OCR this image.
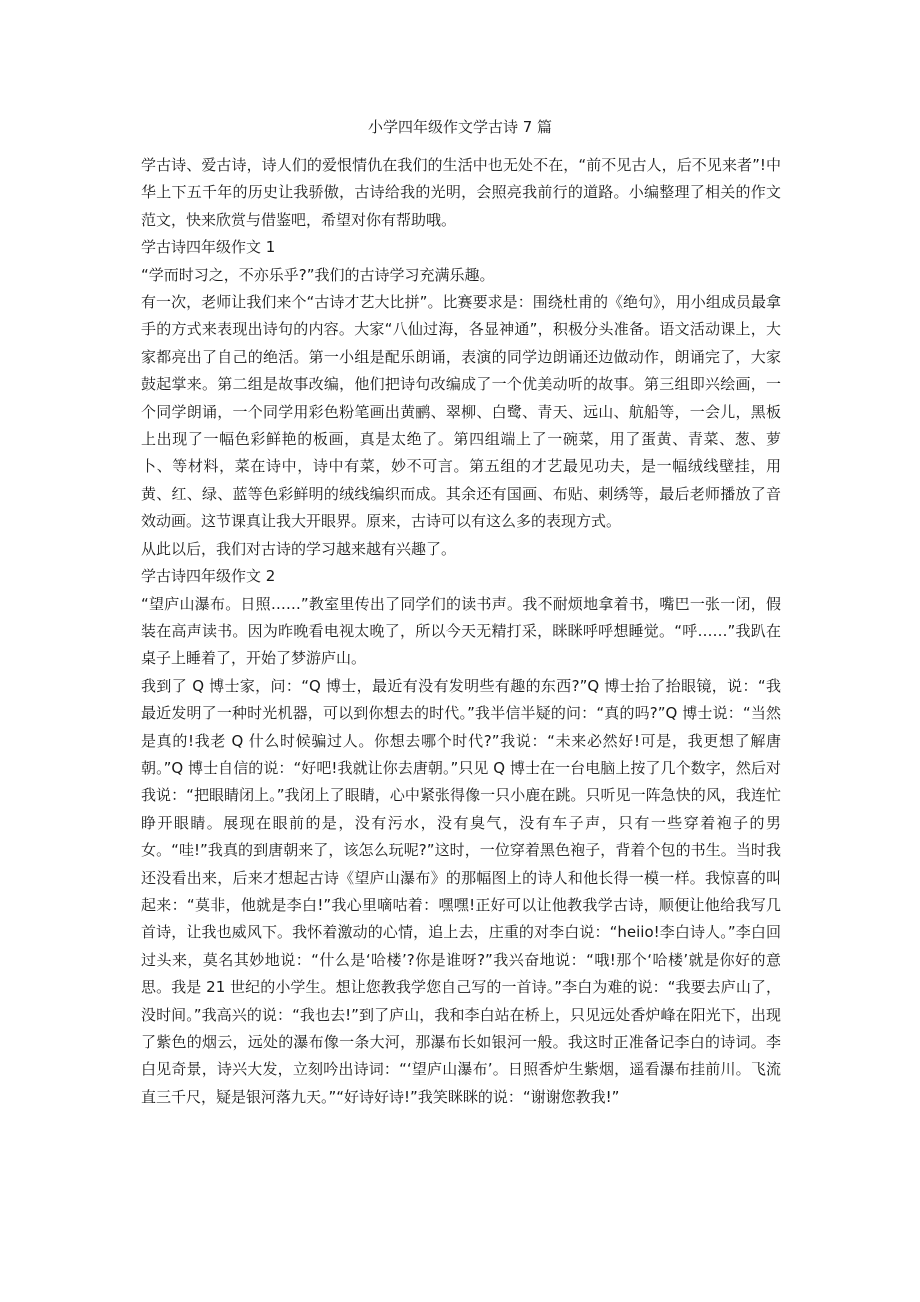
小学四年级作文学古诗 7 篇

学古诗、爱古诗，诗人们的爱恨情仇在我们的生活中也无处不在，“前不见古人，后不见来者”!中华上下五千年的历史让我骄傲，古诗给我的光明，会照亮我前行的道路。小编整理了相关的作文范文，快来欣赏与借鉴吧，希望对你有帮助哦。

学古诗四年级作文 1

“学而时习之，不亦乐乎?”我们的古诗学习充满乐趣。

有一次，老师让我们来个“古诗才艺大比拼”。比赛要求是：围绕杜甫的《绝句》，用小组成员最拿手的方式来表现出诗句的内容。大家“八仙过海，各显神通”，积极分头准备。语文活动课上，大家都亮出了自己的绝活。第一小组是配乐朗诵，表演的同学边朗诵还边做动作，朗诵完了，大家鼓起掌来。第二组是故事改编，他们把诗句改编成了一个优美动听的故事。第三组即兴绘画，一个同学朗诵，一个同学用彩色粉笔画出黄鹂、翠柳、白鹭、青天、远山、航船等，一会儿，黑板上出现了一幅色彩鲜艳的板画，真是太绝了。第四组端上了一碗菜，用了蛋黄、青菜、葱、萝卜、等材料，菜在诗中，诗中有菜，妙不可言。第五组的才艺最见功夫，是一幅绒线壁挂，用黄、红、绿、蓝等色彩鲜明的绒线编织而成。其余还有国画、布贴、刺绣等，最后老师播放了音效动画。这节课真让我大开眼界。原来，古诗可以有这么多的表现方式。

从此以后，我们对古诗的学习越来越有兴趣了。

学古诗四年级作文 2

“望庐山瀑布。日照……”教室里传出了同学们的读书声。我不耐烦地拿着书，嘴巴一张一闭，假装在高声读书。因为昨晚看电视太晚了，所以今天无精打采，眯眯呼呼想睡觉。“呼……”我趴在桌子上睡着了，开始了梦游庐山。

我到了 Q 博士家，问：“Q 博士，最近有没有发明些有趣的东西?”Q 博士抬了抬眼镜，说：“我最近发明了一种时光机器，可以到你想去的时代。”我半信半疑的问：“真的吗?”Q 博士说：“当然是真的!我老 Q 什么时候骗过人。你想去哪个时代?”我说：“未来必然好!可是，我更想了解唐朝。”Q 博士自信的说：“好吧!我就让你去唐朝。”只见 Q 博士在一台电脑上按了几个数字，然后对我说：“把眼睛闭上。”我闭上了眼睛，心中紧张得像一只小鹿在跳。只听见一阵急快的风，我连忙睁开眼睛。展现在眼前的是，没有污水，没有臭气，没有车子声，只有一些穿着袍子的男女。“哇!”我真的到唐朝来了，该怎么玩呢?”这时，一位穿着黑色袍子，背着个包的书生。当时我还没看出来，后来才想起古诗《望庐山瀑布》的那幅图上的诗人和他长得一模一样。我惊喜的叫起来：“莫非，他就是李白!”我心里嘀咕着：嘿嘿!正好可以让他教我学古诗，顺便让他给我写几首诗，让我也威风下。我怀着激动的心情，追上去，庄重的对李白说：“heiio!李白诗人。”李白回过头来，莫名其妙地说：“什么是‘哈楼’?你是谁呀?”我兴奋地说：“哦!那个‘哈楼’就是你好的意思。我是 21 世纪的小学生。想让您教我学您自己写的一首诗。”李白为难的说：“我要去庐山了，没时间。”我高兴的说：“我也去!”到了庐山，我和李白站在桥上，只见远处香炉峰在阳光下，出现了紫色的烟云，远处的瀑布像一条大河，那瀑布长如银河一般。我这时正准备记李白的诗词。李白见奇景，诗兴大发，立刻吟出诗词：“‘望庐山瀑布’。日照香炉生紫烟，遥看瀑布挂前川。飞流直三千尺，疑是银河落九天。”“好诗好诗!”我笑眯眯的说：“谢谢您教我!”
